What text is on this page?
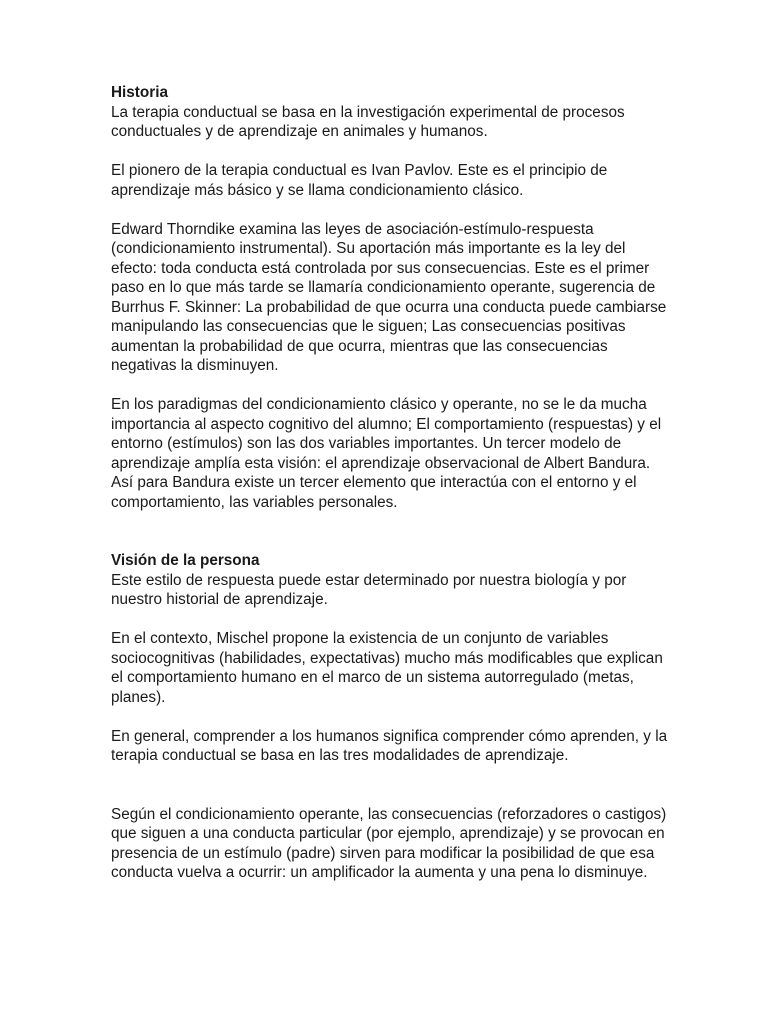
Historia

La terapia conductual se basa en la investigación experimental de procesos conductuales y de aprendizaje en animales y humanos.

El pionero de la terapia conductual es Ivan Pavlov. Este es el principio de aprendizaje más básico y se llama condicionamiento clásico.

Edward Thorndike examina las leyes de asociación-estímulo-respuesta (condicionamiento instrumental). Su aportación más importante es la ley del efecto: toda conducta está controlada por sus consecuencias. Este es el primer paso en lo que más tarde se llamaría condicionamiento operante, sugerencia de Burrhus F. Skinner: La probabilidad de que ocurra una conducta puede cambiarse manipulando las consecuencias que le siguen; Las consecuencias positivas aumentan la probabilidad de que ocurra, mientras que las consecuencias negativas la disminuyen.

En los paradigmas del condicionamiento clásico y operante, no se le da mucha importancia al aspecto cognitivo del alumno; El comportamiento (respuestas) y el entorno (estímulos) son las dos variables importantes. Un tercer modelo de aprendizaje amplía esta visión: el aprendizaje observacional de Albert Bandura. Así para Bandura existe un tercer elemento que interactúa con el entorno y el comportamiento, las variables personales.

Visión de la persona

Este estilo de respuesta puede estar determinado por nuestra biología y por nuestro historial de aprendizaje.

En el contexto, Mischel propone la existencia de un conjunto de variables sociocognitivas (habilidades, expectativas) mucho más modificables que explican el comportamiento humano en el marco de un sistema autorregulado (metas, planes).

En general, comprender a los humanos significa comprender cómo aprenden, y la terapia conductual se basa en las tres modalidades de aprendizaje.

Según el condicionamiento operante, las consecuencias (reforzadores o castigos) que siguen a una conducta particular (por ejemplo, aprendizaje) y se provocan en presencia de un estímulo (padre) sirven para modificar la posibilidad de que esa conducta vuelva a ocurrir: un amplificador la aumenta y una pena lo disminuye.
